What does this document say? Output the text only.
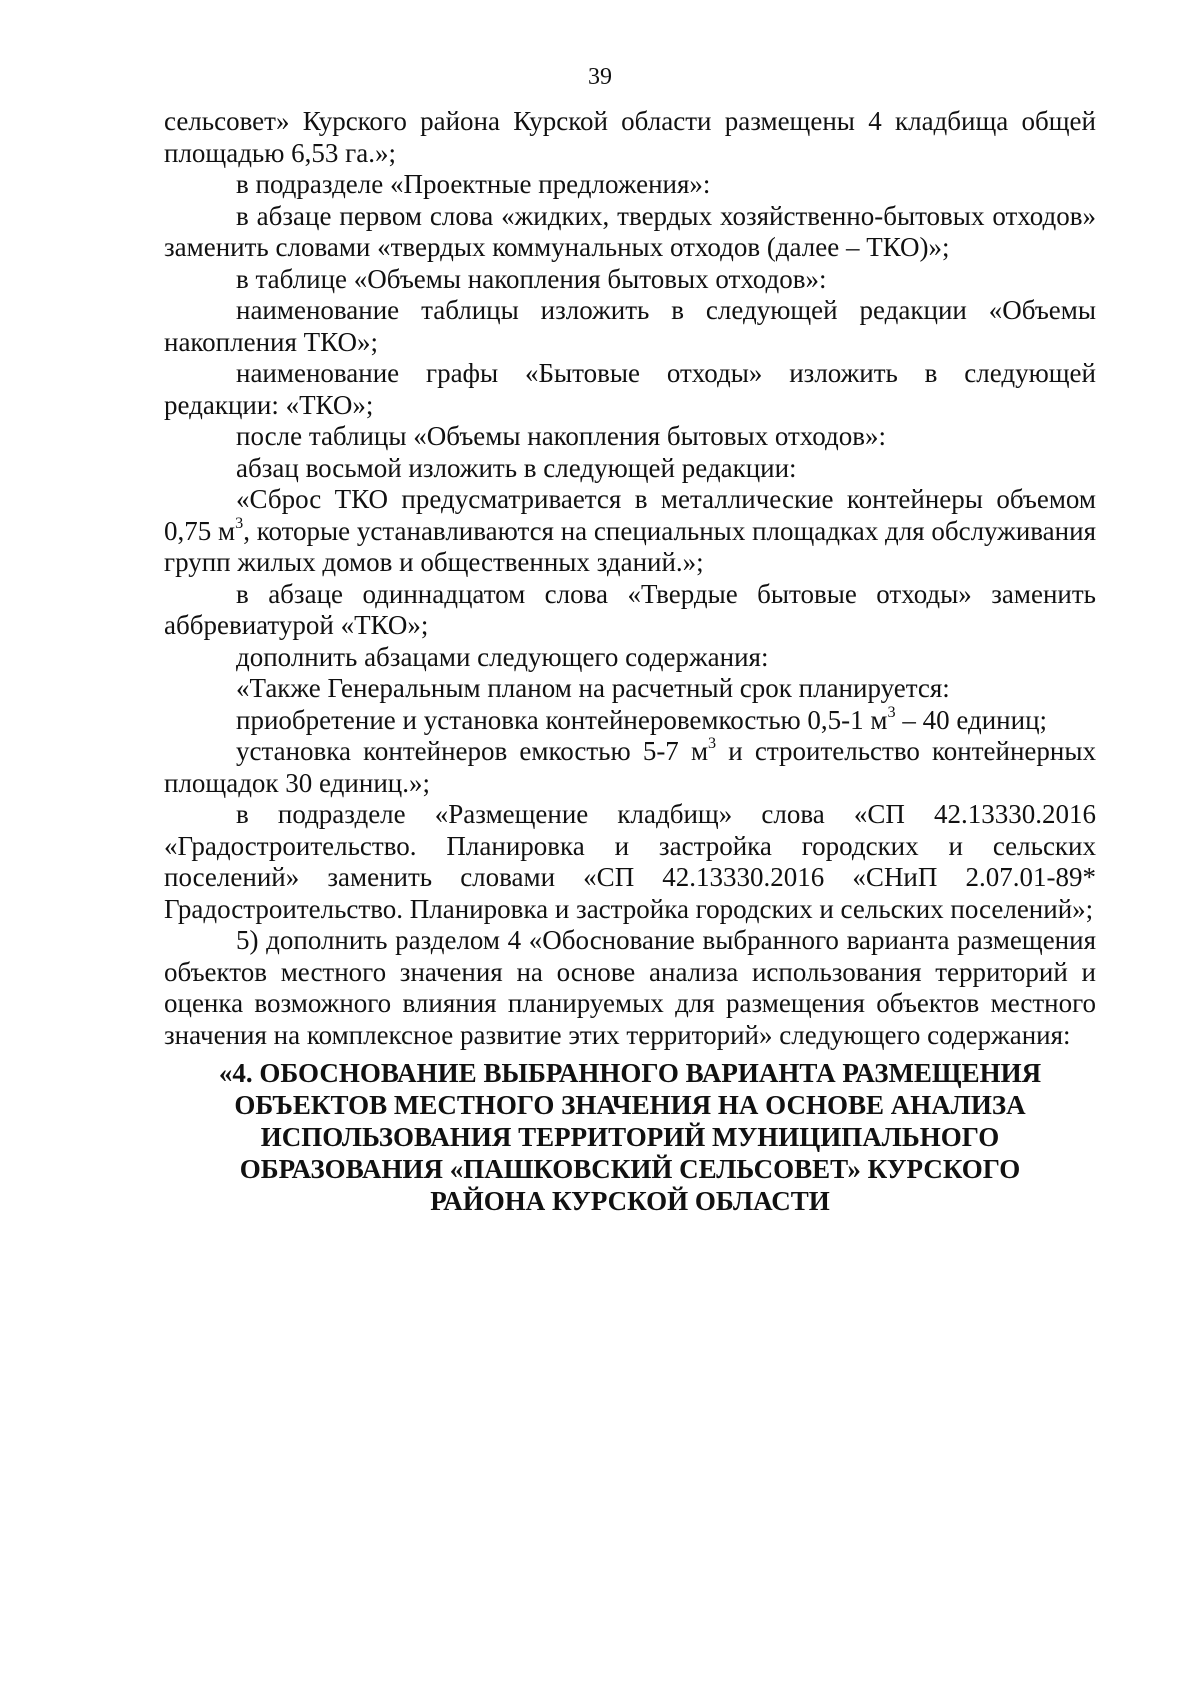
39

сельсовет» Курского района Курской области размещены 4 кладбища общей площадью 6,53 га.»;

в подразделе «Проектные предложения»:

в абзаце первом слова «жидких, твердых хозяйственно-бытовых отходов» заменить словами «твердых коммунальных отходов (далее – ТКО)»;

в таблице «Объемы накопления бытовых отходов»:

наименование таблицы изложить в следующей редакции «Объемы накопления ТКО»;

наименование графы «Бытовые отходы» изложить в следующей редакции: «ТКО»;

после таблицы «Объемы накопления бытовых отходов»:

абзац восьмой изложить в следующей редакции:

«Сброс ТКО предусматривается в металлические контейнеры объемом 0,75 $м^3$, которые устанавливаются на специальных площадках для обслуживания групп жилых домов и общественных зданий.»;

в абзаце одиннадцатом слова «Твердые бытовые отходы» заменить аббревиатурой «ТКО»;

дополнить абзацами следующего содержания:

«Также Генеральным планом на расчетный срок планируется:

приобретение и установка контейнеровемкостью 0,5-1 $м^3 - 40$ единиц;

установка контейнеров емкостью 5-7 $м^3$ и строительство контейнерных площадок 30 единиц.»;

в подразделе «Размещение кладбищ» слова «СП 42.13330.2016 «Градостроительство. Планировка и застройка городских и сельских поселений» заменить словами «СП 42.13330.2016 «СНиП 2.07.01-89* Градостроительство. Планировка и застройка городских и сельских поселений»;

5) дополнить разделом 4 «Обоснование выбранного варианта размещения объектов местного значения на основе анализа использования территорий и оценка возможного влияния планируемых для размещения объектов местного значения на комплексное развитие этих территорий» следующего содержания:

«4. ОБОСНОВАНИЕ ВЫБРАННОГО ВАРИАНТА РАЗМЕЩЕНИЯ
ОБЪЕКТОВ МЕСТНОГО ЗНАЧЕНИЯ НА ОСНОВЕ АНАЛИЗА
ИСПОЛЬЗОВАНИЯ ТЕРРИТОРИЙ МУНИЦИПАЛЬНОГО
ОБРАЗОВАНИЯ «ПАШКОВСКИЙ СЕЛЬСОВЕТ» КУРСКОГО
РАЙОНА КУРСКОЙ ОБЛАСТИ
